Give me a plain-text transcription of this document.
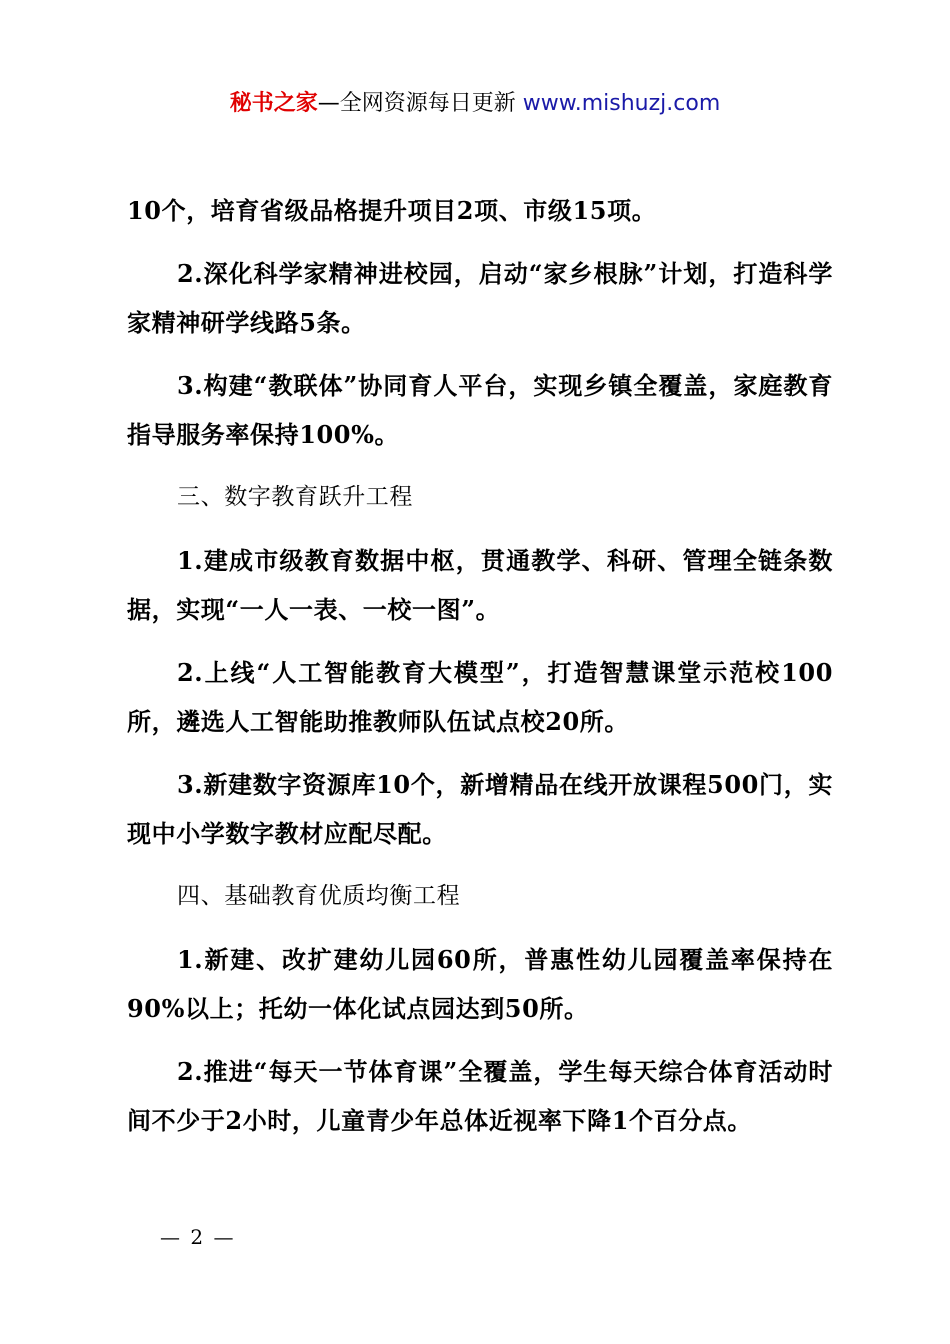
秘书之家—全网资源每日更新 www.mishuzj.com

10个，培育省级品格提升项目2项、市级15项。

2.深化科学家精神进校园，启动“家乡根脉”计划，打造科学家精神研学线路5条。

3.构建“教联体”协同育人平台，实现乡镇全覆盖，家庭教育指导服务率保持100%。

三、数字教育跃升工程

1.建成市级教育数据中枢，贯通教学、科研、管理全链条数据，实现“一人一表、一校一图”。

2.上线“人工智能教育大模型”，打造智慧课堂示范校100所，遴选人工智能助推教师队伍试点校20所。

3.新建数字资源库10个，新增精品在线开放课程500门，实现中小学数字教材应配尽配。

四、基础教育优质均衡工程

1.新建、改扩建幼儿园60所，普惠性幼儿园覆盖率保持在90%以上；托幼一体化试点园达到50所。

2.推进“每天一节体育课”全覆盖，学生每天综合体育活动时间不少于2小时，儿童青少年总体近视率下降1个百分点。

— 2 —
